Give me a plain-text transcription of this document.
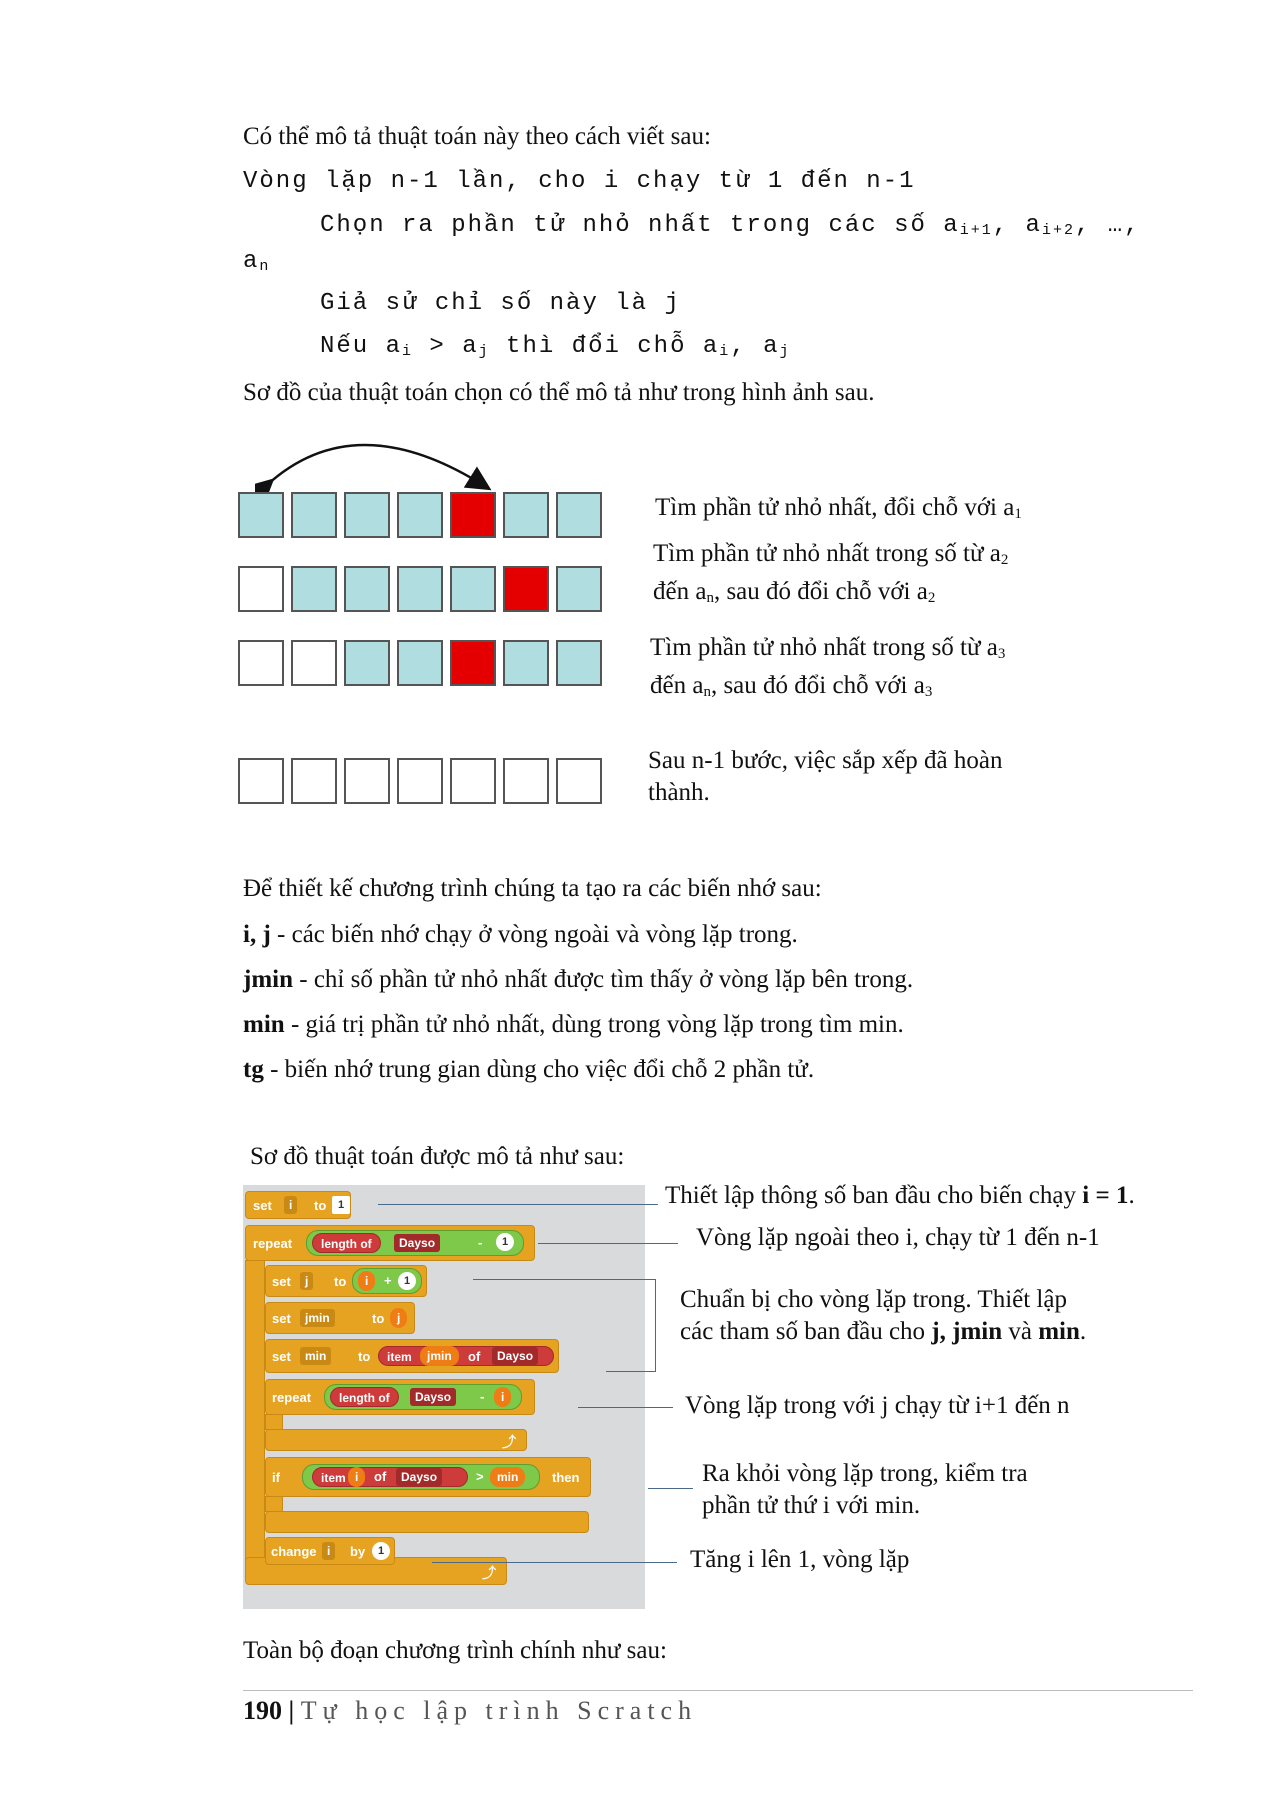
Có thể mô tả thuật toán này theo cách viết sau:
Vòng lặp n-1 lần, cho i chạy từ 1 đến n-1
Chọn ra phần tử nhỏ nhất trong các số $a_{i+1}$, $a_{i+2}$, …,
$a_n$
Giả sử chỉ số này là j
Nếu $a_i > a_j$ thì đổi chỗ $a_i$, $a_j$
Sơ đồ của thuật toán chọn có thể mô tả như trong hình ảnh sau.
Tìm phần tử nhỏ nhất, đổi chỗ với $a_1$
Tìm phần tử nhỏ nhất trong số từ $a_2$
đến $a_n$, sau đó đổi chỗ với $a_2$
Tìm phần tử nhỏ nhất trong số từ $a_3$
đến $a_n$, sau đó đổi chỗ với $a_3$
Sau n-1 bước, việc sắp xếp đã hoàn
thành.
Để thiết kế chương trình chúng ta tạo ra các biến nhớ sau:
i, j - các biến nhớ chạy ở vòng ngoài và vòng lặp trong.
jmin - chỉ số phần tử nhỏ nhất được tìm thấy ở vòng lặp bên trong.
min - giá trị phần tử nhỏ nhất, dùng trong vòng lặp trong tìm min.
tg - biến nhớ trung gian dùng cho việc đổi chỗ 2 phần tử.
Sơ đồ thuật toán được mô tả như sau:
set	i	to	1
repeat	length of	Dayso	-	1
⤴
set	j	to	i	+	1
set	jmin	to	j
set	min	to	item	jmin	of	Dayso
repeat	length of	Dayso	-	i
⤴
if	item i	of	Dayso	>	min	then
change i	by	1
Thiết lập thông số ban đầu cho biến chạy i = 1.
Vòng lặp ngoài theo i, chạy từ 1 đến n-1
Chuẩn bị cho vòng lặp trong. Thiết lập
các tham số ban đầu cho j, jmin và min.
Vòng lặp trong với j chạy từ i+1 đến n
Ra khỏi vòng lặp trong, kiểm tra
phần tử thứ i với min.
Tăng i lên 1, vòng lặp
Toàn bộ đoạn chương trình chính như sau:
190 | Tự học lập trình Scratch
